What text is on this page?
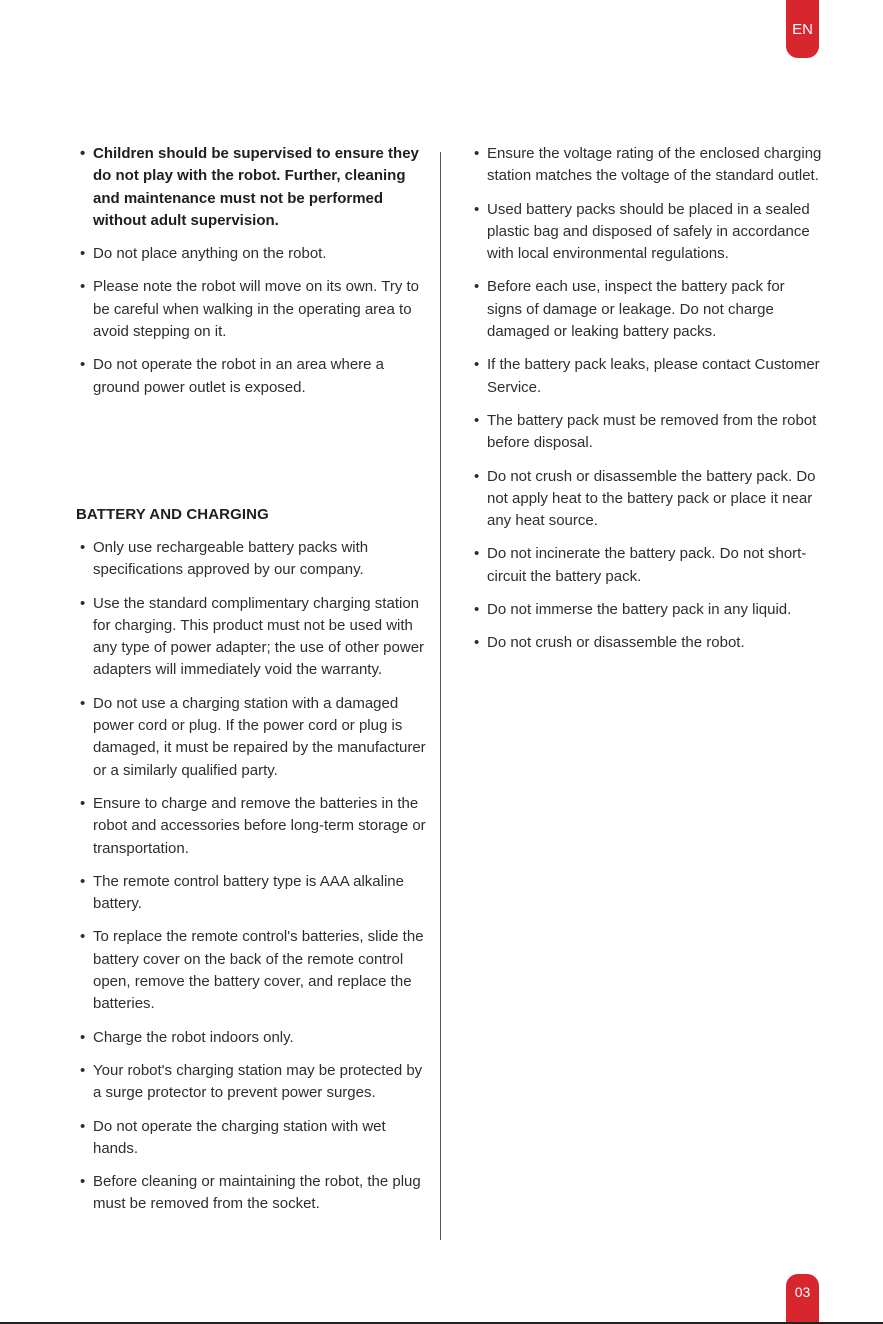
EN
• Children should be supervised to ensure they do not play with the robot. Further, cleaning and maintenance must not be performed without adult supervision.
• Do not place anything on the robot.
• Please note the robot will move on its own. Try to be careful when walking in the operating area to avoid stepping on it.
• Do not operate the robot in an area where a ground power outlet is exposed.
BATTERY AND CHARGING
• Only use rechargeable battery packs with specifications approved by our company.
• Use the standard complimentary charging station for charging. This product must not be used with any type of power adapter; the use of other power adapters will immediately void the warranty.
• Do not use a charging station with a damaged power cord or plug. If the power cord or plug is damaged, it must be repaired by the manufacturer or a similarly qualified party.
• Ensure to charge and remove the batteries in the robot and accessories before long-term storage or transportation.
• The remote control battery type is AAA alkaline battery.
• To replace the remote control's batteries, slide the battery cover on the back of the remote control open, remove the battery cover, and replace the batteries.
• Charge the robot indoors only.
• Your robot's charging station may be protected by a surge protector to prevent power surges.
• Do not operate the charging station with wet hands.
• Before cleaning or maintaining the robot, the plug must be removed from the socket.
• Ensure the voltage rating of the enclosed charging station matches the voltage of the standard outlet.
• Used battery packs should be placed in a sealed plastic bag and disposed of safely in accordance with local environmental regulations.
• Before each use, inspect the battery pack for signs of damage or leakage. Do not charge damaged or leaking battery packs.
• If the battery pack leaks, please contact Customer Service.
• The battery pack must be removed from the robot before disposal.
• Do not crush or disassemble the battery pack. Do not apply heat to the battery pack or place it near any heat source.
• Do not incinerate the battery pack. Do not short-circuit the battery pack.
• Do not immerse the battery pack in any liquid.
• Do not crush or disassemble the robot.
03
